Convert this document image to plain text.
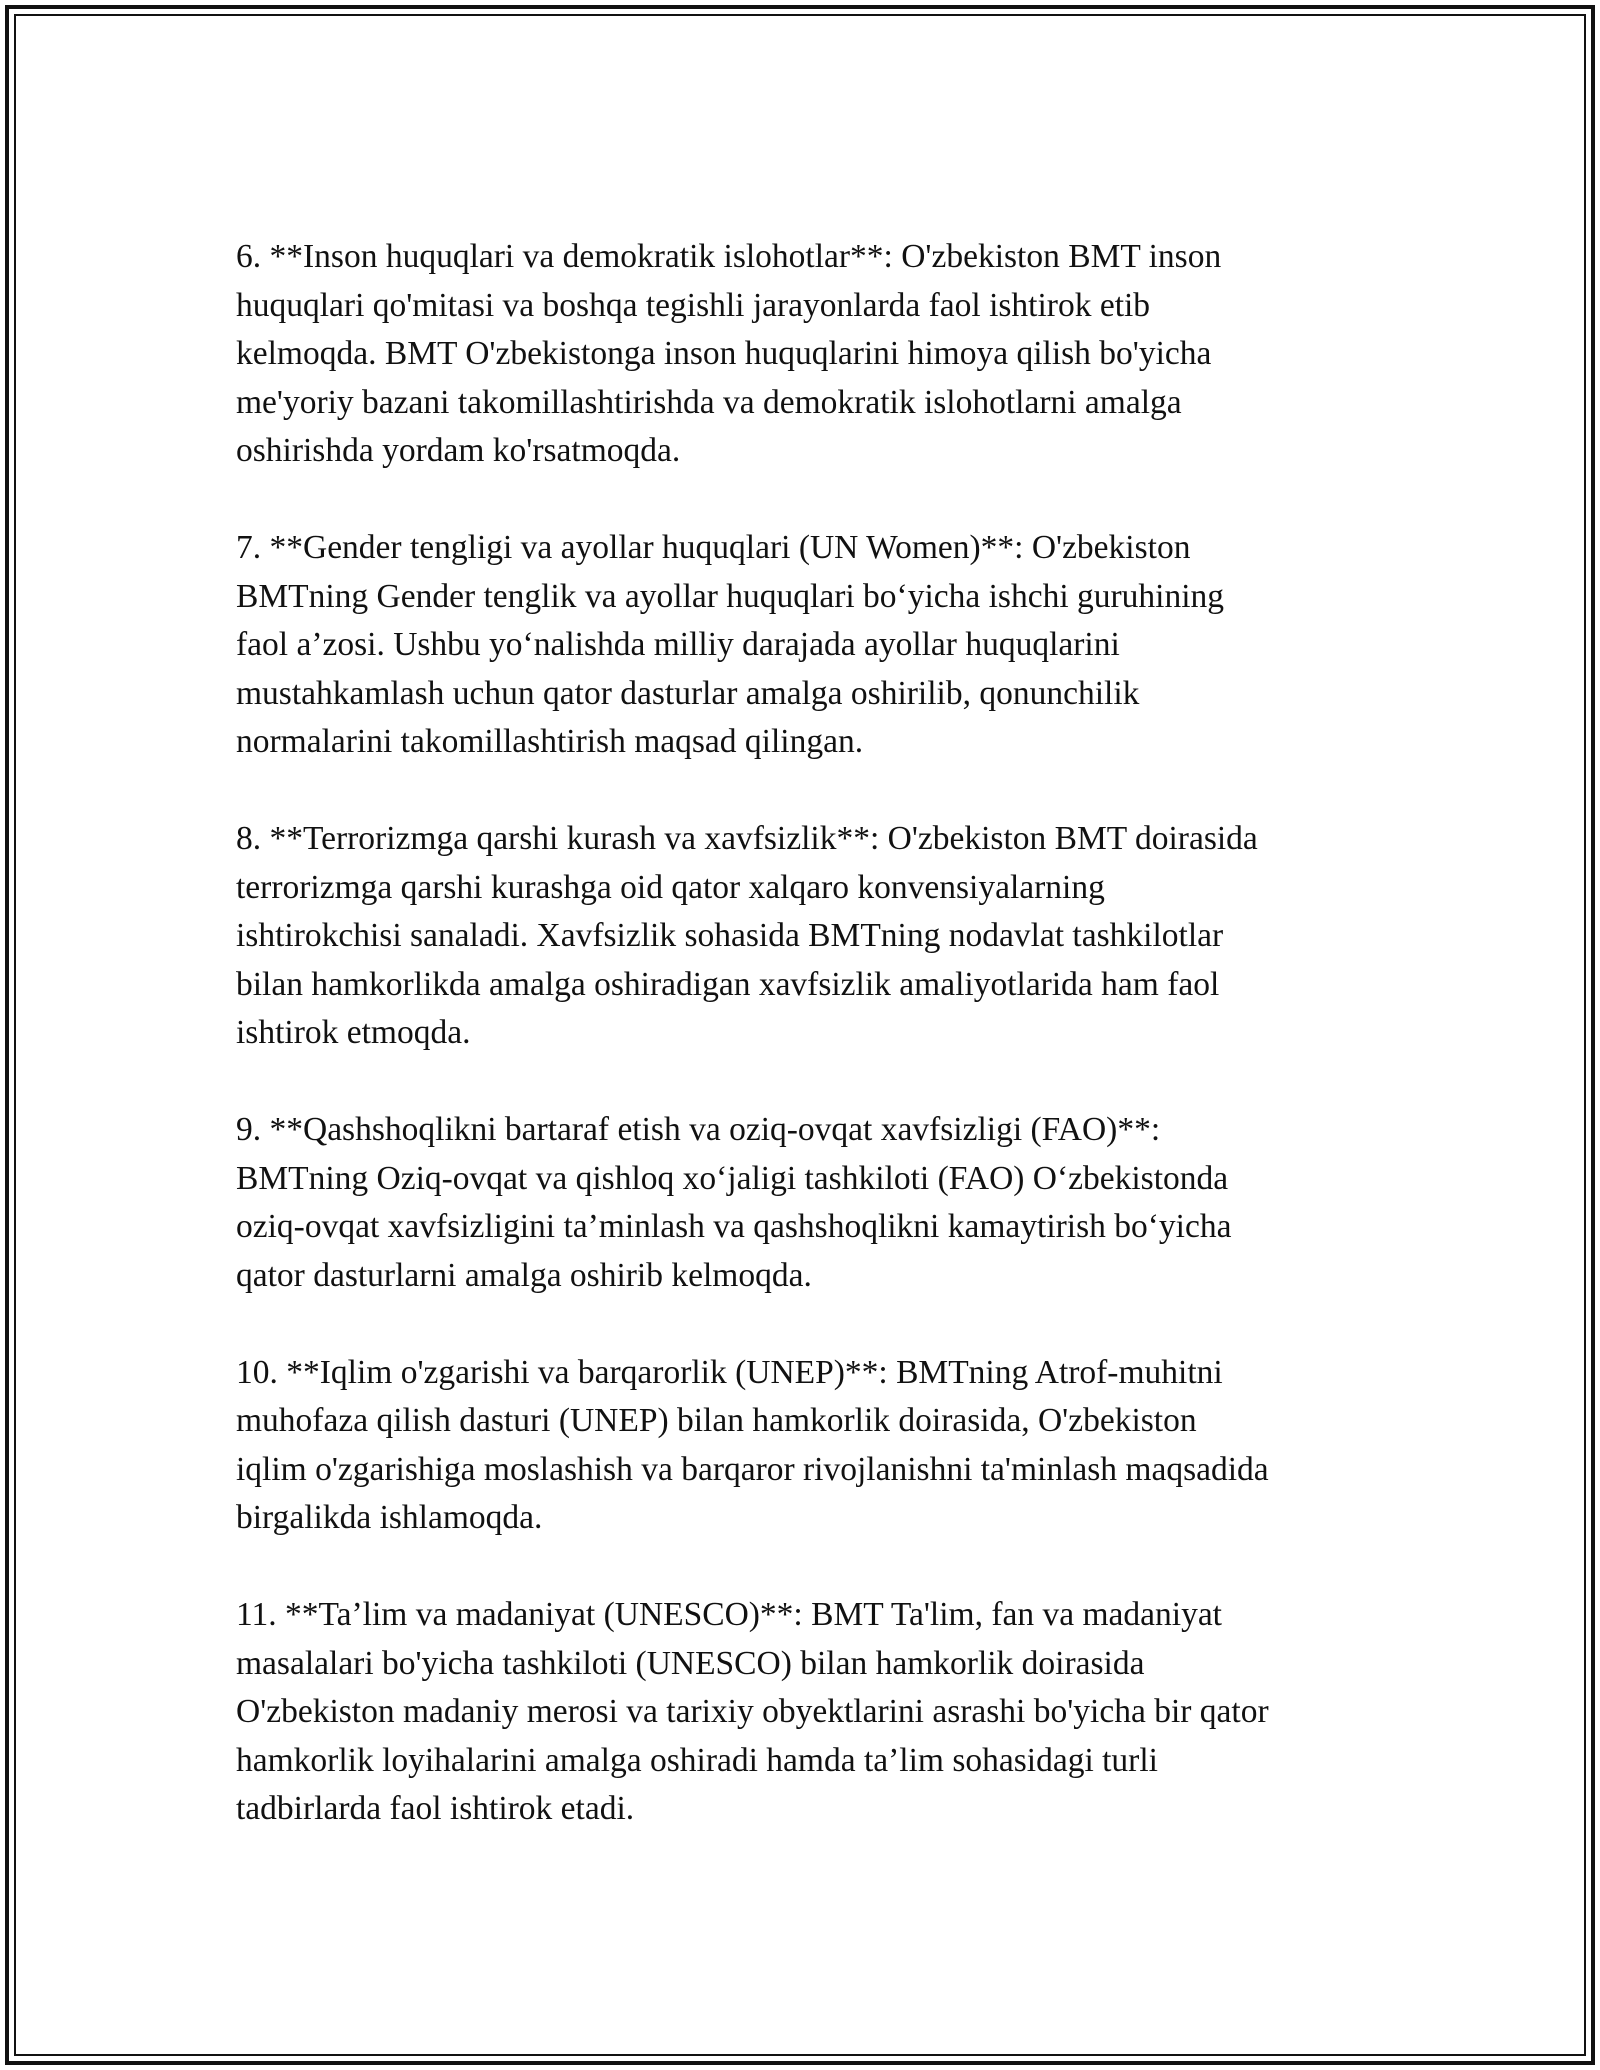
6. **Inson huquqlari va demokratik islohotlar**: O'zbekiston BMT inson
huquqlari qo'mitasi va boshqa tegishli jarayonlarda faol ishtirok etib
kelmoqda. BMT O'zbekistonga inson huquqlarini himoya qilish bo'yicha
me'yoriy bazani takomillashtirishda va demokratik islohotlarni amalga
oshirishda yordam ko'rsatmoqda.

7. **Gender tengligi va ayollar huquqlari (UN Women)**: O'zbekiston
BMTning Gender tenglik va ayollar huquqlari bo‘yicha ishchi guruhining
faol a’zosi. Ushbu yo‘nalishda milliy darajada ayollar huquqlarini
mustahkamlash uchun qator dasturlar amalga oshirilib, qonunchilik
normalarini takomillashtirish maqsad qilingan.

8. **Terrorizmga qarshi kurash va xavfsizlik**: O'zbekiston BMT doirasida
terrorizmga qarshi kurashga oid qator xalqaro konvensiyalarning
ishtirokchisi sanaladi. Xavfsizlik sohasida BMTning nodavlat tashkilotlar
bilan hamkorlikda amalga oshiradigan xavfsizlik amaliyotlarida ham faol
ishtirok etmoqda.

9. **Qashshoqlikni bartaraf etish va oziq-ovqat xavfsizligi (FAO)**:
BMTning Oziq-ovqat va qishloq xo‘jaligi tashkiloti (FAO) O‘zbekistonda
oziq-ovqat xavfsizligini ta’minlash va qashshoqlikni kamaytirish bo‘yicha
qator dasturlarni amalga oshirib kelmoqda.

10. **Iqlim o'zgarishi va barqarorlik (UNEP)**: BMTning Atrof-muhitni
muhofaza qilish dasturi (UNEP) bilan hamkorlik doirasida, O'zbekiston
iqlim o'zgarishiga moslashish va barqaror rivojlanishni ta'minlash maqsadida
birgalikda ishlamoqda.

11. **Ta’lim va madaniyat (UNESCO)**: BMT Ta'lim, fan va madaniyat
masalalari bo'yicha tashkiloti (UNESCO) bilan hamkorlik doirasida
O'zbekiston madaniy merosi va tarixiy obyektlarini asrashi bo'yicha bir qator
hamkorlik loyihalarini amalga oshiradi hamda ta’lim sohasidagi turli
tadbirlarda faol ishtirok etadi.
